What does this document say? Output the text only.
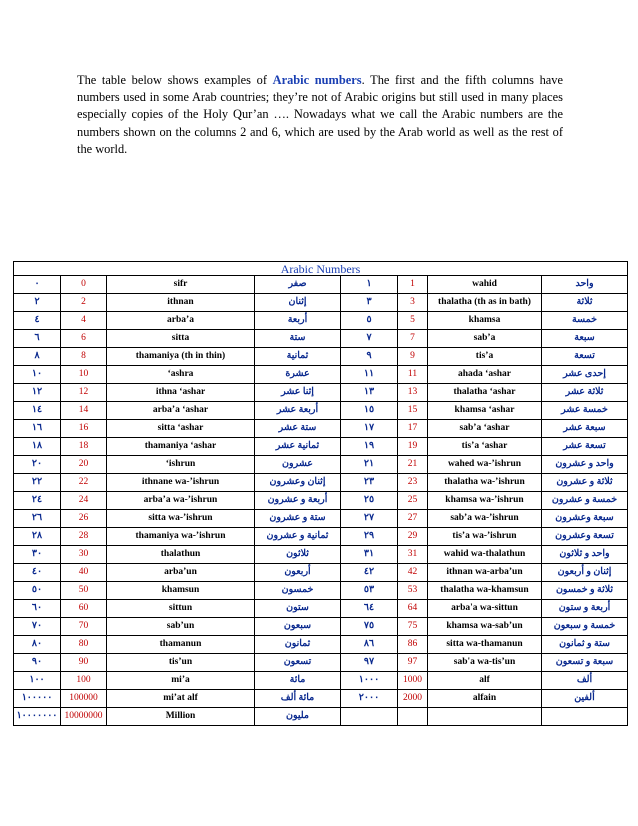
The table below shows examples of Arabic numbers. The first and the fifth columns have numbers used in some Arab countries; they’re not of Arabic origins but still used in many places especially copies of the Holy Qur’an …. Nowadays what we call the Arabic numbers are the numbers shown on the columns 2 and 6, which are used by the Arab world as well as the rest of the world.
Arabic Numbers							
٠	0	sifr	صفر	١	1	wahid	واحد
٢	2	ithnan	إثنان	٣	3	thalatha (th as in bath)	ثلاثة
٤	4	arba’a	أربعة	٥	5	khamsa	خمسة
٦	6	sitta	ستة	٧	7	sab’a	سبعة
٨	8	thamaniya (th in thin)	ثمانية	٩	9	tis’a	تسعة
١٠	10	‘ashra	عشرة	١١	11	ahada ‘ashar	إحدى عشر
١٢	12	ithna ‘ashar	إثنا عشر	١٣	13	thalatha ‘ashar	ثلاثة عشر
١٤	14	arba’a ‘ashar	أربعة عشر	١٥	15	khamsa ‘ashar	خمسة عشر
١٦	16	sitta ‘ashar	ستة عشر	١٧	17	sab’a ‘ashar	سبعة عشر
١٨	18	thamaniya ‘ashar	ثمانية عشر	١٩	19	tis’a ‘ashar	تسعة عشر
٢٠	20	‘ishrun	عشرون	٢١	21	wahed wa-’ishrun	واحد و عشرون
٢٢	22	ithnane wa-’ishrun	إثنان وعشرون	٢٣	23	thalatha wa-’ishrun	ثلاثة و عشرون
٢٤	24	arba’a wa-’ishrun	أربعة و عشرون	٢٥	25	khamsa wa-’ishrun	خمسة و عشرون
٢٦	26	sitta wa-’ishrun	ستة و عشرون	٢٧	27	sab’a wa-’ishrun	سبعة وعشرون
٢٨	28	thamaniya wa-’ishrun	ثمانية و عشرون	٢٩	29	tis’a wa-’ishrun	تسعة وعشرون
٣٠	30	thalathun	ثلاثون	٣١	31	wahid wa-thalathun	واحد و ثلاثون
٤٠	40	arba’un	أربعون	٤٢	42	ithnan wa-arba’un	إثنان و أربعون
٥٠	50	khamsun	خمسون	٥٣	53	thalatha wa-khamsun	ثلاثة و خمسون
٦٠	60	sittun	ستون	٦٤	64	arba'a wa-sittun	أربعة و ستون
٧٠	70	sab’un	سبعون	٧٥	75	khamsa wa-sab’un	خمسة و سبعون
٨٠	80	thamanun	ثمانون	٨٦	86	sitta wa-thamanun	ستة و ثمانون
٩٠	90	tis’un	تسعون	٩٧	97	sab'a wa-tis’un	سبعة و تسعون
١٠٠	100	mi’a	مائة	١٠٠٠	1000	alf	ألف
١٠٠٠٠٠	100000	mi’at alf	مائة ألف	٢٠٠٠	2000	alfain	ألفين
١٠٠٠٠٠٠٠	10000000	Million	مليون				
